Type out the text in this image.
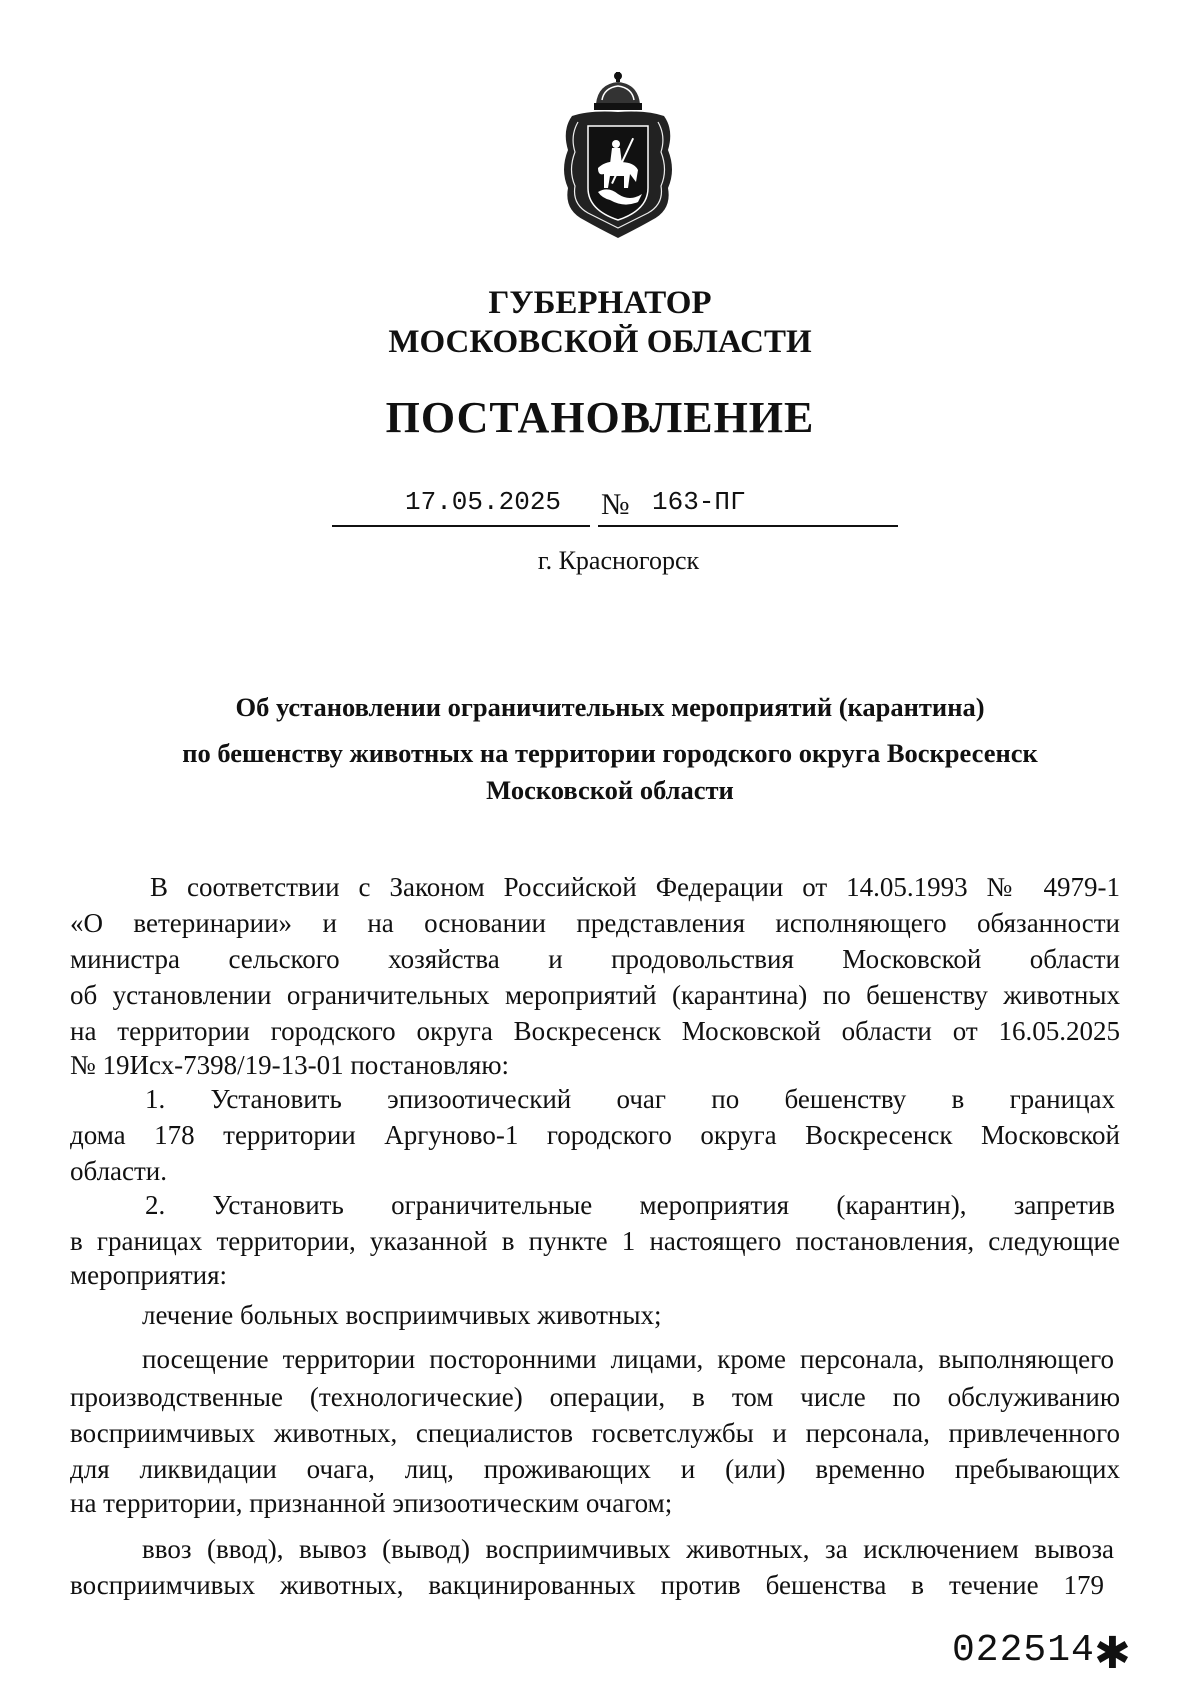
ГУБЕРНАТОР
МОСКОВСКОЙ ОБЛАСТИ
ПОСТАНОВЛЕНИЕ
17.05.2025 № 163-ПГ
г. Красногорск
Об установлении ограничительных мероприятий (карантина)
по бешенству животных на территории городского округа Воскресенск
Московской области
В соответствии с Законом Российской Федерации от 14.05.1993 № 4979-1
«О ветеринарии» и на основании представления исполняющего обязанности
министра сельского хозяйства и продовольствия Московской области
об установлении ограничительных мероприятий (карантина) по бешенству животных
на территории городского округа Воскресенск Московской области от 16.05.2025
№ 19Исх-7398/19-13-01 постановляю:
1. Установить эпизоотический очаг по бешенству в границах
дома 178 территории Аргуново-1 городского округа Воскресенск Московской
области.
2. Установить ограничительные мероприятия (карантин), запретив
в границах территории, указанной в пункте 1 настоящего постановления, следующие
мероприятия:
лечение больных восприимчивых животных;
посещение территории посторонними лицами, кроме персонала, выполняющего
производственные (технологические) операции, в том числе по обслуживанию
восприимчивых животных, специалистов госветслужбы и персонала, привлеченного
для ликвидации очага, лиц, проживающих и (или) временно пребывающих
на территории, признанной эпизоотическим очагом;
ввоз (ввод), вывоз (вывод) восприимчивых животных, за исключением вывоза
восприимчивых животных, вакцинированных против бешенства в течение 179
022514 ✱
